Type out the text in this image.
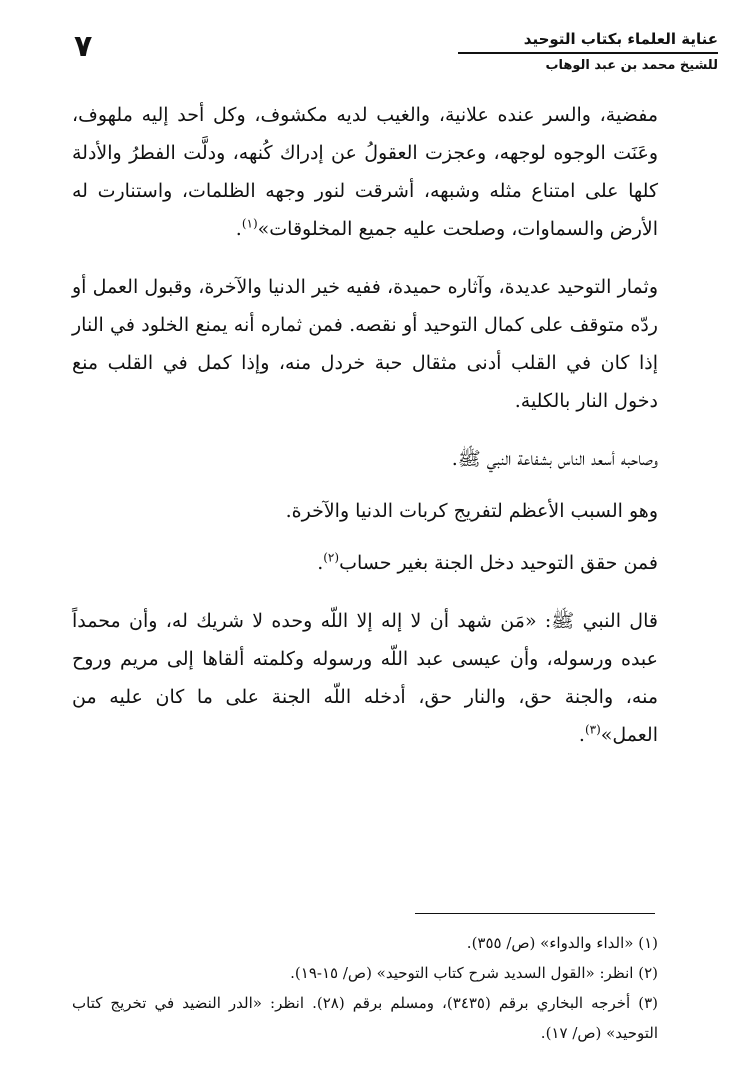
٧	عناية العلماء بكتاب التوحيد
للشيخ محمد بن عبد الوهاب

مفضية، والسر عنده علانية، والغيب لديه مكشوف، وكل أحد إليه ملهوف، وعَنَت الوجوه لوجهه، وعجزت العقولُ عن إدراك كُنهه، ودلَّت الفطرُ والأدلة كلها على امتناع مثله وشبهه، أشرقت لنور وجهه الظلمات، واستنارت له الأرض والسماوات، وصلحت عليه جميع المخلوقات»$^{(١)}$.

وثمار التوحيد عديدة، وآثاره حميدة، ففيه خير الدنيا والآخرة، وقبول العمل أو ردّه متوقف على كمال التوحيد أو نقصه. فمن ثماره أنه يمنع الخلود في النار إذا كان في القلب أدنى مثقال حبة خردل منه، وإذا كمل في القلب منع دخول النار بالكلية.

وصاحبه أسعد الناس بشفاعة النبي ﷺ.

وهو السبب الأعظم لتفريج كربات الدنيا والآخرة.

فمن حقق التوحيد دخل الجنة بغير حساب$^{(٢)}$.

قال النبي ﷺ: «مَن شهد أن لا إله إلا اللّه وحده لا شريك له، وأن محمداً عبده ورسوله، وأن عيسى عبد اللّه ورسوله وكلمته ألقاها إلى مريم وروح منه، والجنة حق، والنار حق، أدخله اللّه الجنة على ما كان عليه من العمل»$^{(٣)}$.

(١) «الداء والدواء» (ص/ ٣٥٥).

(٢) انظر: «القول السديد شرح كتاب التوحيد» (ص/ ١٥-١٩).

(٣) أخرجه البخاري برقم (٣٤٣٥)، ومسلم برقم (٢٨). انظر: «الدر النضيد في تخريج كتاب التوحيد» (ص/ ١٧).
